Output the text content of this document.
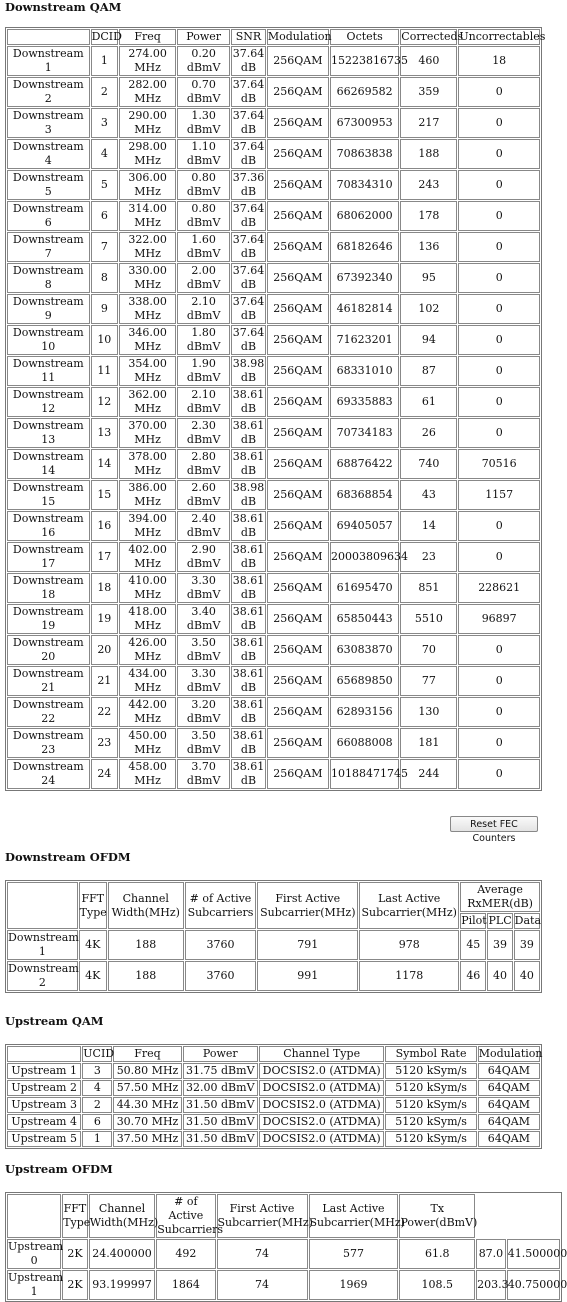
Downstream QAM
	DCID	Freq	Power	SNR	Modulation	Octets	Correcteds	Uncorrectables
Downstream 1	1	274.00 MHz	0.20 dBmV	37.64 dB	256QAM	15223816735	460	18
Downstream 2	2	282.00 MHz	0.70 dBmV	37.64 dB	256QAM	66269582	359	0
Downstream 3	3	290.00 MHz	1.30 dBmV	37.64 dB	256QAM	67300953	217	0
Downstream 4	4	298.00 MHz	1.10 dBmV	37.64 dB	256QAM	70863838	188	0
Downstream 5	5	306.00 MHz	0.80 dBmV	37.36 dB	256QAM	70834310	243	0
Downstream 6	6	314.00 MHz	0.80 dBmV	37.64 dB	256QAM	68062000	178	0
Downstream 7	7	322.00 MHz	1.60 dBmV	37.64 dB	256QAM	68182646	136	0
Downstream 8	8	330.00 MHz	2.00 dBmV	37.64 dB	256QAM	67392340	95	0
Downstream 9	9	338.00 MHz	2.10 dBmV	37.64 dB	256QAM	46182814	102	0
Downstream 10	10	346.00 MHz	1.80 dBmV	37.64 dB	256QAM	71623201	94	0
Downstream 11	11	354.00 MHz	1.90 dBmV	38.98 dB	256QAM	68331010	87	0
Downstream 12	12	362.00 MHz	2.10 dBmV	38.61 dB	256QAM	69335883	61	0
Downstream 13	13	370.00 MHz	2.30 dBmV	38.61 dB	256QAM	70734183	26	0
Downstream 14	14	378.00 MHz	2.80 dBmV	38.61 dB	256QAM	68876422	740	70516
Downstream 15	15	386.00 MHz	2.60 dBmV	38.98 dB	256QAM	68368854	43	1157
Downstream 16	16	394.00 MHz	2.40 dBmV	38.61 dB	256QAM	69405057	14	0
Downstream 17	17	402.00 MHz	2.90 dBmV	38.61 dB	256QAM	20003809634	23	0
Downstream 18	18	410.00 MHz	3.30 dBmV	38.61 dB	256QAM	61695470	851	228621
Downstream 19	19	418.00 MHz	3.40 dBmV	38.61 dB	256QAM	65850443	5510	96897
Downstream 20	20	426.00 MHz	3.50 dBmV	38.61 dB	256QAM	63083870	70	0
Downstream 21	21	434.00 MHz	3.30 dBmV	38.61 dB	256QAM	65689850	77	0
Downstream 22	22	442.00 MHz	3.20 dBmV	38.61 dB	256QAM	62893156	130	0
Downstream 23	23	450.00 MHz	3.50 dBmV	38.61 dB	256QAM	66088008	181	0
Downstream 24	24	458.00 MHz	3.70 dBmV	38.61 dB	256QAM	10188471745	244	0
Reset FEC Counters
Downstream OFDM
	FFT Type	Channel Width(MHz)	# of Active Subcarriers	First Active Subcarrier(MHz)	Last Active Subcarrier(MHz)	Average RxMER(dB)		
						Pilot	PLC	Data
Downstream 1	4K	188	3760	791	978	45	39	39
Downstream 2	4K	188	3760	991	1178	46	40	40
Upstream QAM
	UCID	Freq	Power	Channel Type	Symbol Rate	Modulation
Upstream 1	3	50.80 MHz	31.75 dBmV	DOCSIS2.0 (ATDMA)	5120 kSym/s	64QAM
Upstream 2	4	57.50 MHz	32.00 dBmV	DOCSIS2.0 (ATDMA)	5120 kSym/s	64QAM
Upstream 3	2	44.30 MHz	31.50 dBmV	DOCSIS2.0 (ATDMA)	5120 kSym/s	64QAM
Upstream 4	6	30.70 MHz	31.50 dBmV	DOCSIS2.0 (ATDMA)	5120 kSym/s	64QAM
Upstream 5	1	37.50 MHz	31.50 dBmV	DOCSIS2.0 (ATDMA)	5120 kSym/s	64QAM
Upstream OFDM
	FFT Type	Channel Width(MHz)	# of Active Subcarriers	First Active Subcarrier(MHz)	Last Active Subcarrier(MHz)	Tx Power(dBmV)		
Upstream 0	2K	24.400000	492	74	577	61.8	87.0	41.500000
Upstream 1	2K	93.199997	1864	74	1969	108.5	203.3	40.750000
